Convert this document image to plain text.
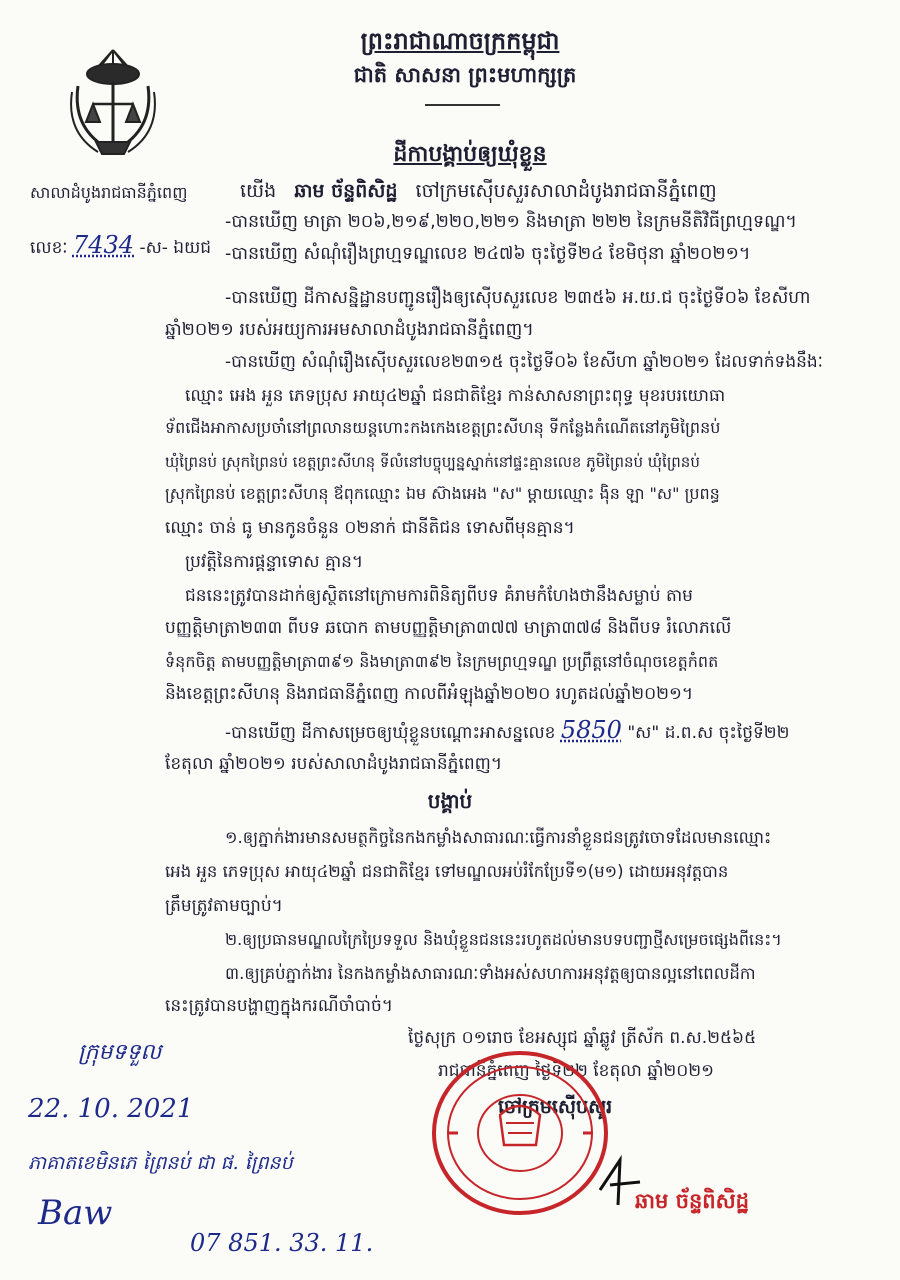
ព្រះរាជាណាចក្រកម្ពុជា
ជាតិ សាសនា ព្រះមហាក្សត្រ
សាលាដំបូងរាជធានីភ្នំពេញ
លេខៈ 7434 -ស- ឯយជ
ដីកាបង្គាប់ឲ្យឃុំខ្លួន
យើង ឆាម ច័ន្ទពិសិដ្ឋ ចៅក្រមស៊ើបសួរសាលាដំបូងរាជធានីភ្នំពេញ
-បានឃើញ មាត្រា ២០៦,២១៩,២២០,២២១ និងមាត្រា ២២២ នៃក្រមនីតិវិធីព្រហ្មទណ្ឌ។
-បានឃើញ សំណុំរឿងព្រហ្មទណ្ឌលេខ ២៤៧៦ ចុះថ្ងៃទី២៤ ខែមិថុនា ឆ្នាំ២០២១។
-បានឃើញ ដីកាសន្និដ្ឋានបញ្ជូនរឿងឲ្យស៊ើបសួរលេខ ២៣៥៦ អ.យ.ជ ចុះថ្ងៃទី០៦ ខែសីហា
ឆ្នាំ២០២១ របស់អយ្យការអមសាលាដំបូងរាជធានីភ្នំពេញ។
-បានឃើញ សំណុំរឿងស៊ើបសួរលេខ២៣១៥ ចុះថ្ងៃទី០៦ ខែសីហា ឆ្នាំ២០២១ ដែលទាក់ទងនឹងៈ
ឈ្មោះ អេង អួន ភេទប្រុស អាយុ៤២ឆ្នាំ ជនជាតិខ្មែរ កាន់សាសនាព្រះពុទ្ធ មុខរបរយោធា
ទ័ពជើងអាកាសប្រចាំនៅព្រលានយន្តហោះកងកេងខេត្តព្រះសីហនុ ទីកន្លែងកំណើតនៅភូមិព្រៃនប់
ឃុំព្រៃនប់ ស្រុកព្រៃនប់ ខេត្តព្រះសីហនុ ទីលំនៅបច្ចុប្បន្នស្នាក់នៅផ្ទះគ្មានលេខ ភូមិព្រៃនប់ ឃុំព្រៃនប់
ស្រុកព្រៃនប់ ខេត្តព្រះសីហនុ ឪពុកឈ្មោះ ឯម ស៊ាងអេង "ស" ម្តាយឈ្មោះ ង៉ិន ឡា "ស" ប្រពន្ធ
ឈ្មោះ ចាន់ ធូ មានកូនចំនួន ០២នាក់ ជានីតិជន ទោសពីមុនគ្មាន។
ប្រវត្តិនៃការផ្តន្ទាទោស គ្មាន។
ជននេះត្រូវបានដាក់ឲ្យស្ថិតនៅក្រោមការពិនិត្យពីបទ គំរាមកំហែងថានឹងសម្លាប់ តាម
បញ្ញត្តិមាត្រា២៣៣ ពីបទ ឆបោក តាមបញ្ញត្តិមាត្រា៣៧៧ មាត្រា៣៧៨ និងពីបទ រំលោភលើ
ទំនុកចិត្ត តាមបញ្ញត្តិមាត្រា៣៩១ និងមាត្រា៣៩២ នៃក្រមព្រហ្មទណ្ឌ ប្រព្រឹត្តនៅចំណុចខេត្តកំពត
និងខេត្តព្រះសីហនុ និងរាជធានីភ្នំពេញ កាលពីអំឡុងឆ្នាំ២០២០ រហូតដល់ឆ្នាំ២០២១។
-បានឃើញ ដីកាសម្រេចឲ្យឃុំខ្លួនបណ្តោះអាសន្នលេខ 5850 "ស" ដ.ព.ស ចុះថ្ងៃទី២២
ខែតុលា ឆ្នាំ២០២១ របស់សាលាដំបូងរាជធានីភ្នំពេញ។
បង្គាប់
១.ឲ្យភ្នាក់ងារមានសមត្ថកិច្ចនៃកងកម្លាំងសាធារណៈធ្វើការនាំខ្លួនជនត្រូវចោទដែលមានឈ្មោះ
អេង អួន ភេទប្រុស អាយុ៤២ឆ្នាំ ជនជាតិខ្មែរ ទៅមណ្ឌលអប់រំកែប្រែទី១(ម១) ដោយអនុវត្តបាន
ត្រឹមត្រូវតាមច្បាប់។
២.ឲ្យប្រធានមណ្ឌលក្រៃប្រៃទទួល និងឃុំខ្លួនជននេះរហូតដល់មានបទបញ្ជាថ្មីសម្រេចផ្សេងពីនេះ។
៣.ឲ្យគ្រប់ភ្នាក់ងារ នៃកងកម្លាំងសាធារណៈទាំងអស់សហការអនុវត្តឲ្យបានល្អនៅពេលដីកា
នេះត្រូវបានបង្ហាញក្នុងករណីចាំបាច់។
ថ្ងៃសុក្រ ០១រោច ខែអស្សុជ ឆ្នាំឆ្លូវ ត្រីស័ក ព.ស.២៥៦៥
រាជធានីភ្នំពេញ ថ្ងៃទី២២ ខែតុលា ឆ្នាំ២០២១
ចៅក្រមស៊ើបសួរ
ឆាម ច័ន្ទពិសិដ្ឋ
ក្រុមទទួល
22. 10. 2021
ភាគាតខេមិនភេ ព្រៃនប់ ជា ផ. ព្រៃនប់
Baw
07 851. 33. 11.
